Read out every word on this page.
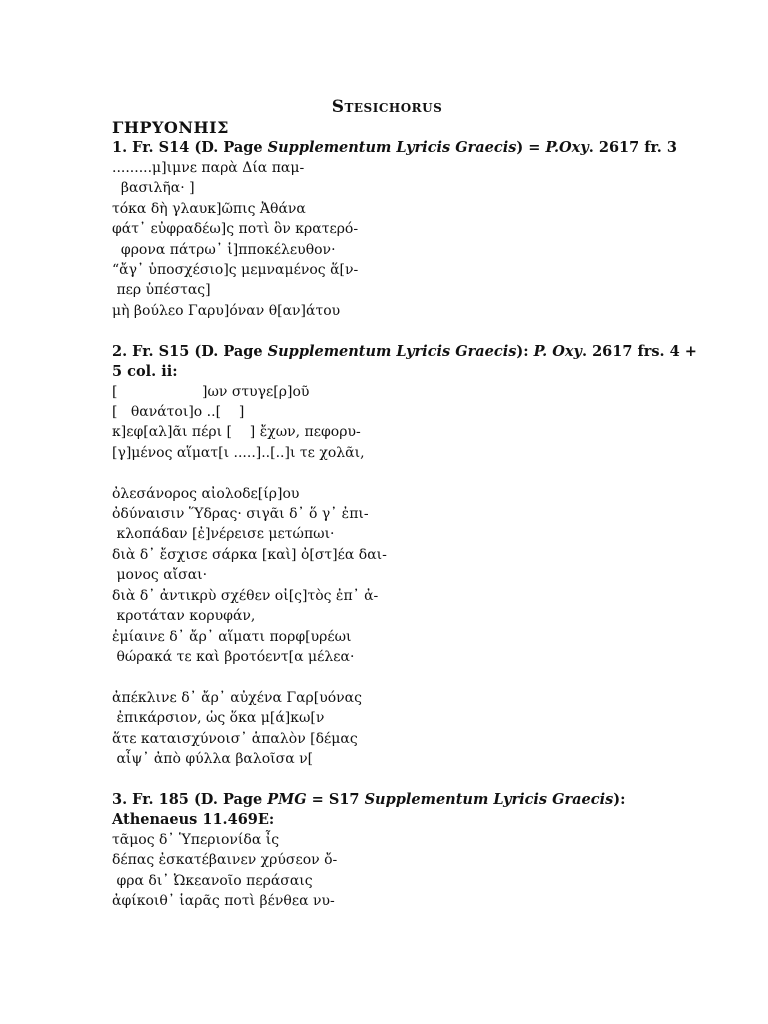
Stesichorus
ΓΗΡΥΟΝΗΙΣ
1. Fr. S14 (D. Page Supplementum Lyricis Graecis) = P.Oxy. 2617 fr. 3
.........μ]ιμνε παρὰ Δία παμ-
βασιλῆα· ]
τόκα δὴ γλαυκ]ῶπις Ἀθάνα
φάτ᾽ εὐφραδέω]ς ποτὶ ὃν κρατερό-
φρονα πάτρω᾽ ἱ]πποκέλευθον·
“ἄγ᾽ ὑποσχέσιο]ς μεμναμένος ἅ[ν-
περ ὑπέστας]
μὴ βούλεο Γαρυ]όναν θ[αν]άτου
2. Fr. S15 (D. Page Supplementum Lyricis Graecis): P. Oxy. 2617 frs. 4 + 5 col. ii:
[                   ]ων στυγε[ρ]οῦ
[   θανάτοι]ο ..[    ]
κ]εφ[αλ]ᾶι πέρι [    ] ἔχων, πεφορυ-
[γ]μένος αἵματ[ι .....]..[..]ι τε χολᾶι,
ὀλεσάνορος αἰολοδε[ίρ]ου
ὀδύναισιν Ὕδρας· σιγᾶι δ᾽ ὅ γ᾽ ἐπι-
κλοπάδαν [ἐ]νέρεισε μετώπωι·
διὰ δ᾽ ἔσχισε σάρκα [καὶ] ὀ[στ]έα δαι-
μονος αἴσαι·
διὰ δ᾽ ἀντικρὺ σχέθεν οἰ[ς]τὸς ἐπ᾽ ἀ-
κροτάταν κορυφάν,
ἐμίαινε δ᾽ ἄρ᾽ αἵματι πορφ[υρέωι
θώρακά τε καὶ βροτόεντ[α μέλεα·
ἀπέκλινε δ᾽ ἄρ᾽ αὐχένα Γαρ[υόνας
ἐπικάρσιον, ὡς ὅκα μ[ά]κω[ν
ἅτε καταισχύνοισ᾽ ἁπαλὸν [δέμας
αἶψ᾽ ἀπὸ φύλλα βαλοῖσα ν[
3. Fr. 185 (D. Page PMG = S17 Supplementum Lyricis Graecis): Athenaeus 11.469E:
τᾶμος δ᾽ Ὑπεριονίδα ἶς
δέπας ἐσκατέβαινεν χρύσεον ὄ-
φρα δι᾽ Ὠκεανοῖο περάσαις
ἀφίκοιθ᾽ ἱαρᾶς ποτὶ βένθεα νυ-
